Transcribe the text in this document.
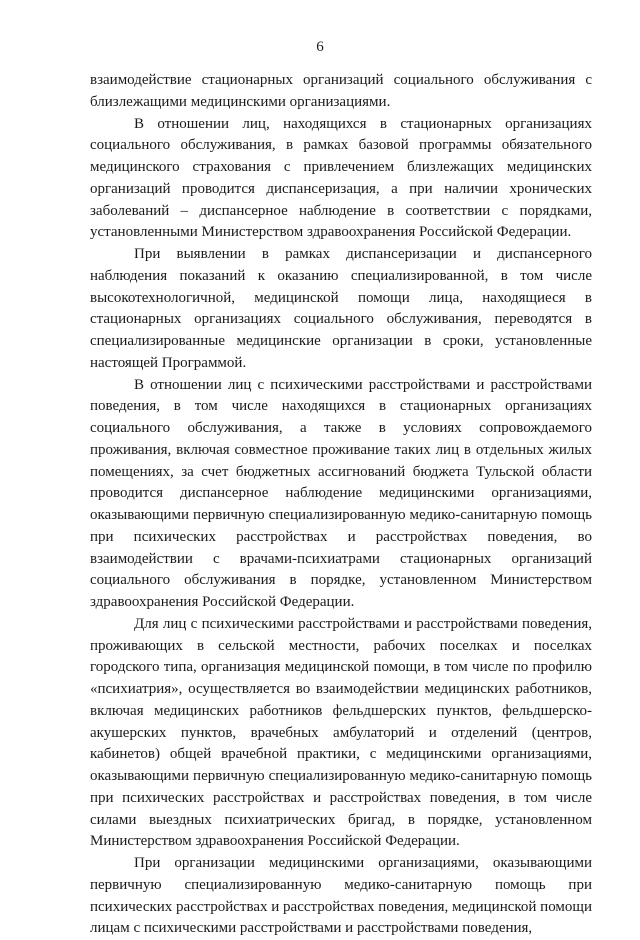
6

взаимодействие стационарных организаций социального обслуживания с близлежащими медицинскими организациями.

В отношении лиц, находящихся в стационарных организациях социального обслуживания, в рамках базовой программы обязательного медицинского страхования с привлечением близлежащих медицинских организаций проводится диспансеризация, а при наличии хронических заболеваний – диспансерное наблюдение в соответствии с порядками, установленными Министерством здравоохранения Российской Федерации.

При выявлении в рамках диспансеризации и диспансерного наблюдения показаний к оказанию специализированной, в том числе высокотехнологичной, медицинской помощи лица, находящиеся в стационарных организациях социального обслуживания, переводятся в специализированные медицинские организации в сроки, установленные настоящей Программой.

В отношении лиц с психическими расстройствами и расстройствами поведения, в том числе находящихся в стационарных организациях социального обслуживания, а также в условиях сопровождаемого проживания, включая совместное проживание таких лиц в отдельных жилых помещениях, за счет бюджетных ассигнований бюджета Тульской области проводится диспансерное наблюдение медицинскими организациями, оказывающими первичную специализированную медико-санитарную помощь при психических расстройствах и расстройствах поведения, во взаимодействии с врачами-психиатрами стационарных организаций социального обслуживания в порядке, установленном Министерством здравоохранения Российской Федерации.

Для лиц с психическими расстройствами и расстройствами поведения, проживающих в сельской местности, рабочих поселках и поселках городского типа, организация медицинской помощи, в том числе по профилю «психиатрия», осуществляется во взаимодействии медицинских работников, включая медицинских работников фельдшерских пунктов, фельдшерско-акушерских пунктов, врачебных амбулаторий и отделений (центров, кабинетов) общей врачебной практики, с медицинскими организациями, оказывающими первичную специализированную медико-санитарную помощь при психических расстройствах и расстройствах поведения, в том числе силами выездных психиатрических бригад, в порядке, установленном Министерством здравоохранения Российской Федерации.

При организации медицинскими организациями, оказывающими первичную специализированную медико-санитарную помощь при психических расстройствах и расстройствах поведения, медицинской помощи лицам с психическими расстройствами и расстройствами поведения,
